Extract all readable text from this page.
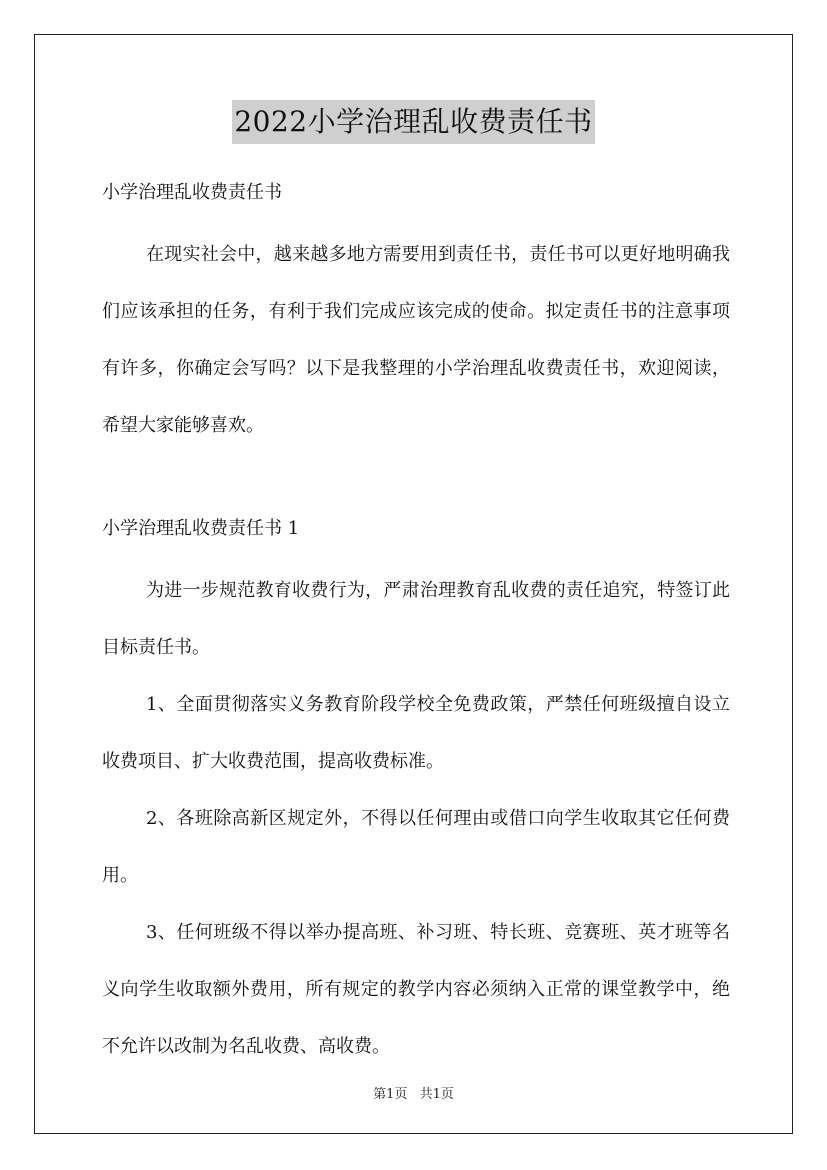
2022小学治理乱收费责任书

小学治理乱收费责任书

在现实社会中，越来越多地方需要用到责任书，责任书可以更好地明确我们应该承担的任务，有利于我们完成应该完成的使命。拟定责任书的注意事项有许多，你确定会写吗？以下是我整理的小学治理乱收费责任书，欢迎阅读，希望大家能够喜欢。

小学治理乱收费责任书 1

为进一步规范教育收费行为，严肃治理教育乱收费的责任追究，特签订此目标责任书。

1、全面贯彻落实义务教育阶段学校全免费政策，严禁任何班级擅自设立收费项目、扩大收费范围，提高收费标准。

2、各班除高新区规定外，不得以任何理由或借口向学生收取其它任何费用。

3、任何班级不得以举办提高班、补习班、特长班、竞赛班、英才班等名义向学生收取额外费用，所有规定的教学内容必须纳入正常的课堂教学中，绝不允许以改制为名乱收费、高收费。

第1页 共1页
